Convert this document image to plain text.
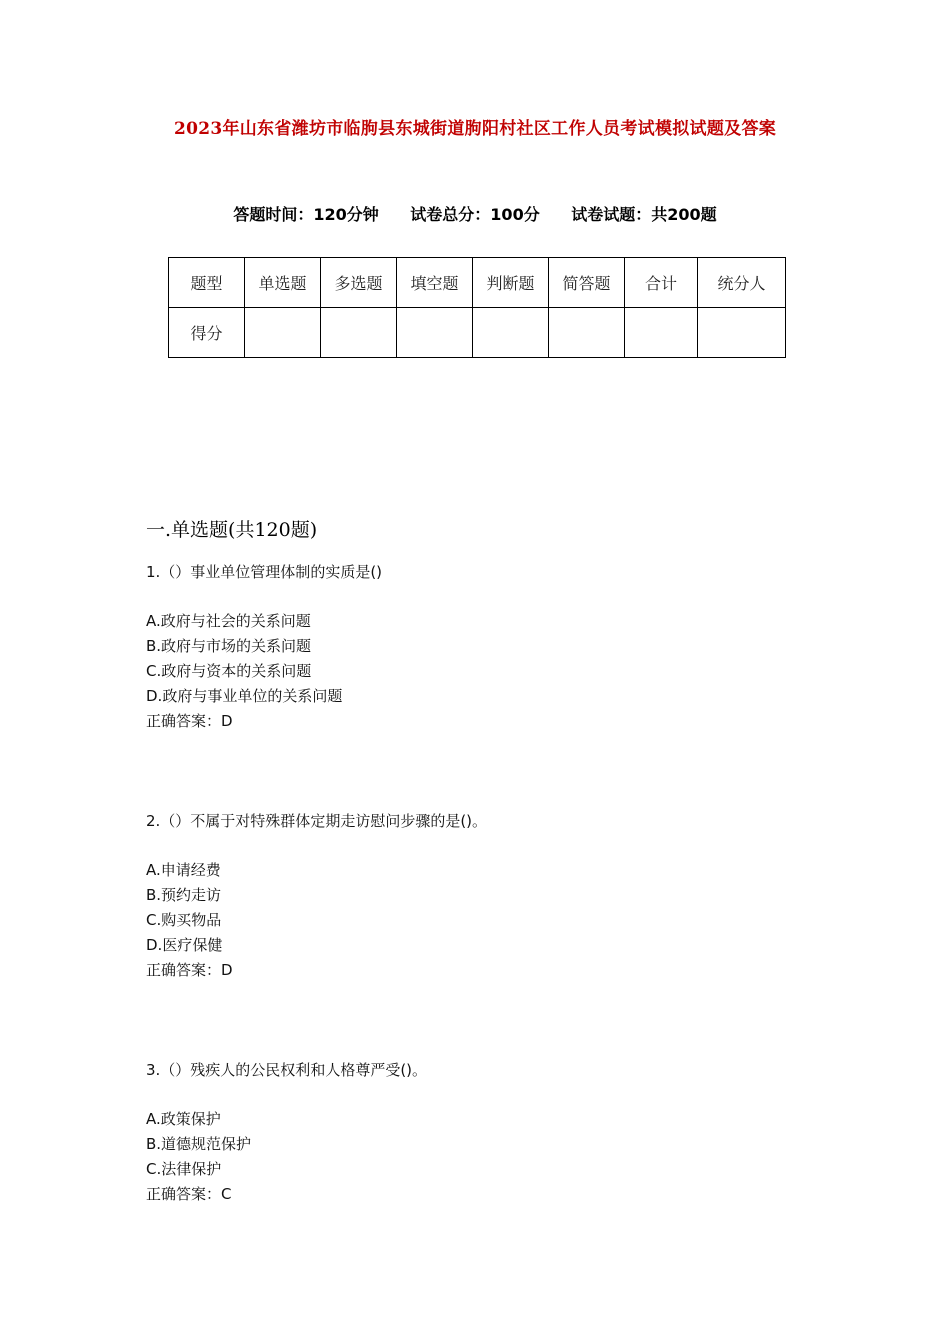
2023年山东省潍坊市临朐县东城街道朐阳村社区工作人员考试模拟试题及答案
答题时间：120分钟 试卷总分：100分 试卷试题：共200题
题型	单选题	多选题	填空题	判断题	简答题	合计	统分人
得分							
一.单选题(共120题)
1.（）事业单位管理体制的实质是()
A.政府与社会的关系问题
B.政府与市场的关系问题
C.政府与资本的关系问题
D.政府与事业单位的关系问题
正确答案：D
2.（）不属于对特殊群体定期走访慰问步骤的是()。
A.申请经费
B.预约走访
C.购买物品
D.医疗保健
正确答案：D
3.（）残疾人的公民权利和人格尊严受()。
A.政策保护
B.道德规范保护
C.法律保护
正确答案：C
